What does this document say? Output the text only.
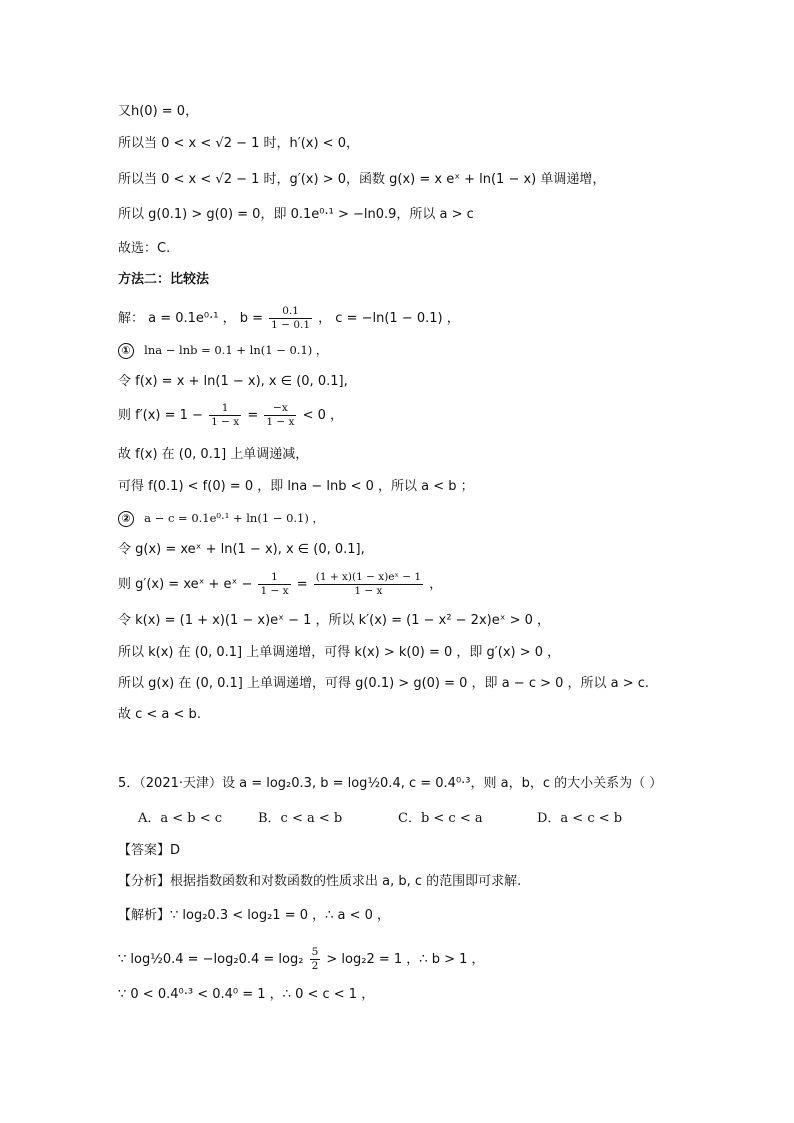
又h(0) = 0，
所以当 0 < x < √2 − 1 时，h′(x) < 0，
所以当 0 < x < √2 − 1 时，g′(x) > 0，函数 g(x) = x eˣ + ln(1 − x) 单调递增，
所以 g(0.1) > g(0) = 0，即 0.1e⁰·¹ > −ln0.9，所以 a > c
故选：C.
方法二：比较法
解： a = 0.1e⁰·¹ ， $b = \frac{0.1}{1 - 0.1}$ ， c = −ln(1 − 0.1) ，
① lna − lnb = 0.1 + ln(1 − 0.1) ，
令 f(x) = x + ln(1 − x), x ∈ (0, 0.1],
则 $f'(x) = 1 - \frac{1}{1 - x} = \frac{-x}{1 - x} < 0$ ，
故 f(x) 在 (0, 0.1] 上单调递减，
可得 f(0.1) < f(0) = 0 ，即 lna − lnb < 0 ，所以 a < b ；
② a − c = 0.1e⁰·¹ + ln(1 − 0.1) ，
令 g(x) = xeˣ + ln(1 − x), x ∈ (0, 0.1],
则 g′(x) = xeˣ + eˣ − $\frac{1}{1 - x} = \frac{\text{(1 + x)(1 − x)eˣ − 1}}{1 - x}$ ，
令 k(x) = (1 + x)(1 − x)eˣ − 1 ，所以 k′(x) = (1 − x² − 2x)eˣ > 0 ，
所以 k(x) 在 (0, 0.1] 上单调递增，可得 k(x) > k(0) = 0 ，即 g′(x) > 0 ，
所以 g(x) 在 (0, 0.1] 上单调递增，可得 g(0.1) > g(0) = 0 ，即 a − c > 0 ，所以 a > c.
故 c < a < b.
5．（2021·天津）设 a = log₂0.3, b = log½0.4, c = 0.4⁰·³，则 a，b，c 的大小关系为（ ）
A．a < b < c	B．c < a < b	C．b < c < a	D．a < c < b
【答案】D
【分析】根据指数函数和对数函数的性质求出 a, b, c 的范围即可求解.
【解析】∵ log₂0.3 < log₂1 = 0 ，∴ a < 0 ，
∵ log½0.4 = $-\log_20.4 = \log_2 \frac{5}{2} > \log_22 = 1$ ，∴ b > 1 ，
∵ 0 < 0.4⁰·³ < 0.4⁰ = 1 ，∴ 0 < c < 1 ，
